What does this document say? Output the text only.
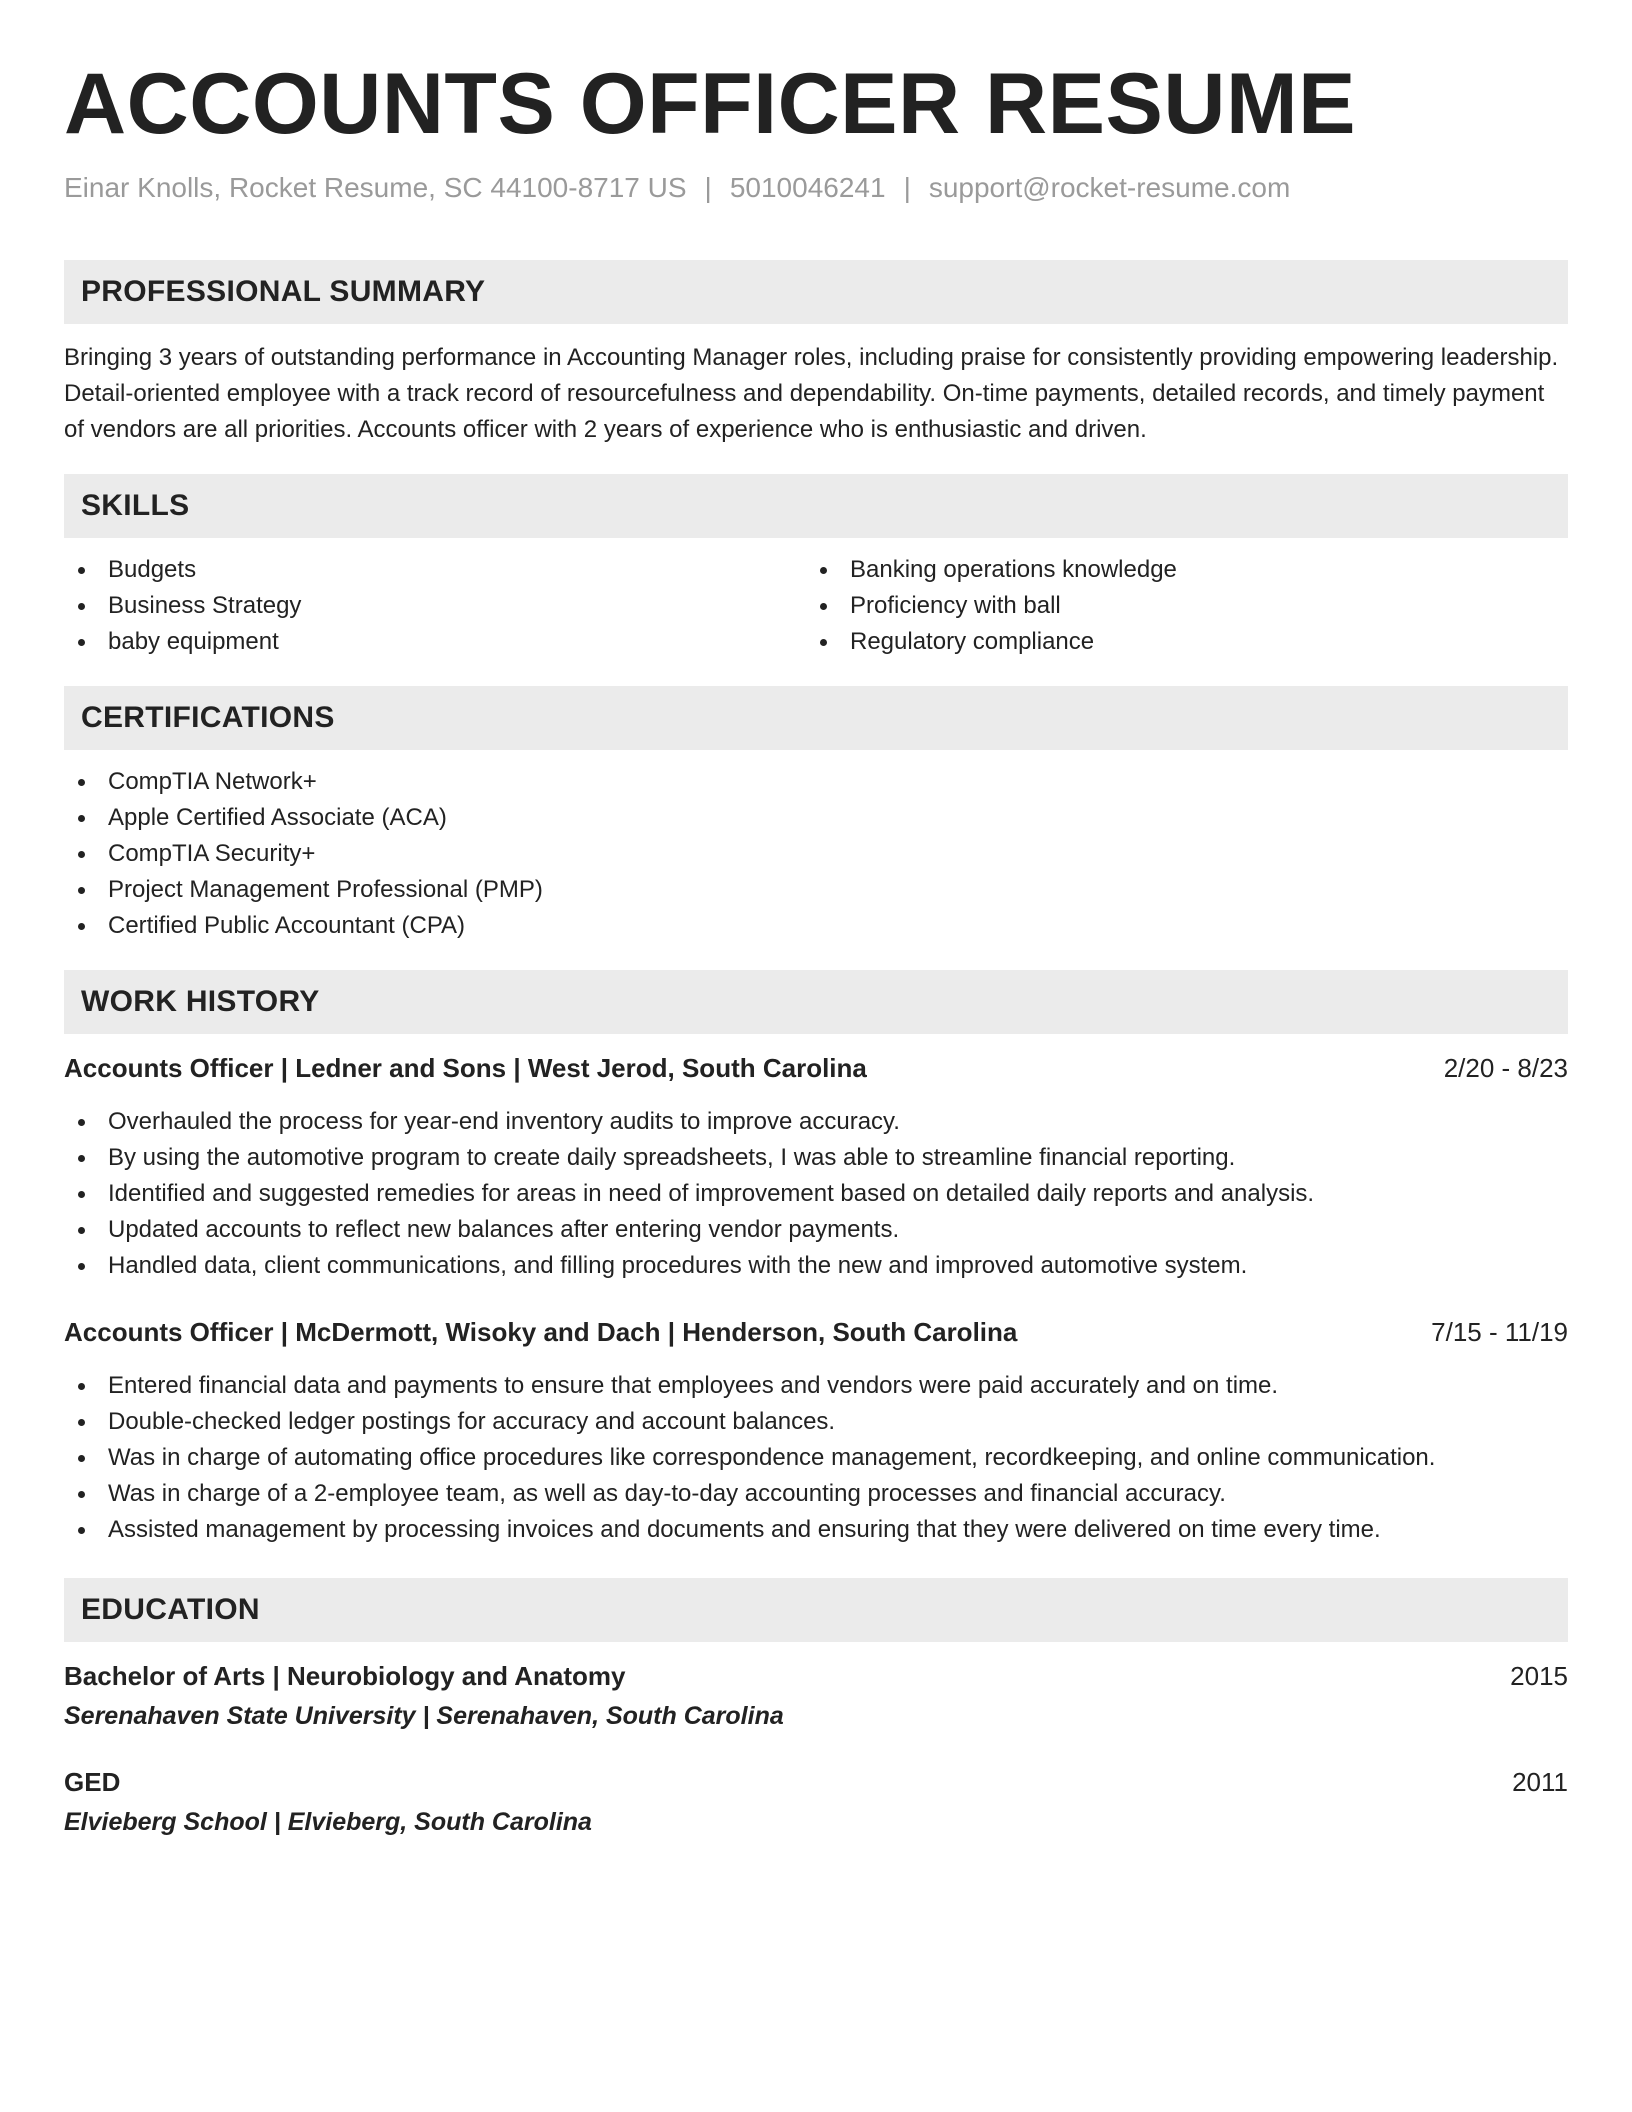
ACCOUNTS OFFICER RESUME
Einar Knolls, Rocket Resume, SC 44100-8717 US | 5010046241 | support@rocket-resume.com
PROFESSIONAL SUMMARY

Bringing 3 years of outstanding performance in Accounting Manager roles, including praise for consistently providing empowering leadership. Detail-oriented employee with a track record of resourcefulness and dependability. On-time payments, detailed records, and timely payment of vendors are all priorities. Accounts officer with 2 years of experience who is enthusiastic and driven.

SKILLS
Budgets
Business Strategy
baby equipment
Banking operations knowledge
Proficiency with ball
Regulatory compliance
CERTIFICATIONS
CompTIA Network+
Apple Certified Associate (ACA)
CompTIA Security+
Project Management Professional (PMP)
Certified Public Accountant (CPA)
WORK HISTORY
Accounts Officer | Ledner and Sons | West Jerod, South Carolina	2/20 - 8/23
Overhauled the process for year-end inventory audits to improve accuracy.
By using the automotive program to create daily spreadsheets, I was able to streamline financial reporting.
Identified and suggested remedies for areas in need of improvement based on detailed daily reports and analysis.
Updated accounts to reflect new balances after entering vendor payments.
Handled data, client communications, and filling procedures with the new and improved automotive system.
Accounts Officer | McDermott, Wisoky and Dach | Henderson, South Carolina	7/15 - 11/19
Entered financial data and payments to ensure that employees and vendors were paid accurately and on time.
Double-checked ledger postings for accuracy and account balances.
Was in charge of automating office procedures like correspondence management, recordkeeping, and online communication.
Was in charge of a 2-employee team, as well as day-to-day accounting processes and financial accuracy.
Assisted management by processing invoices and documents and ensuring that they were delivered on time every time.
EDUCATION
Bachelor of Arts | Neurobiology and Anatomy	2015
Serenahaven State University | Serenahaven, South Carolina
GED	2011
Elvieberg School | Elvieberg, South Carolina
